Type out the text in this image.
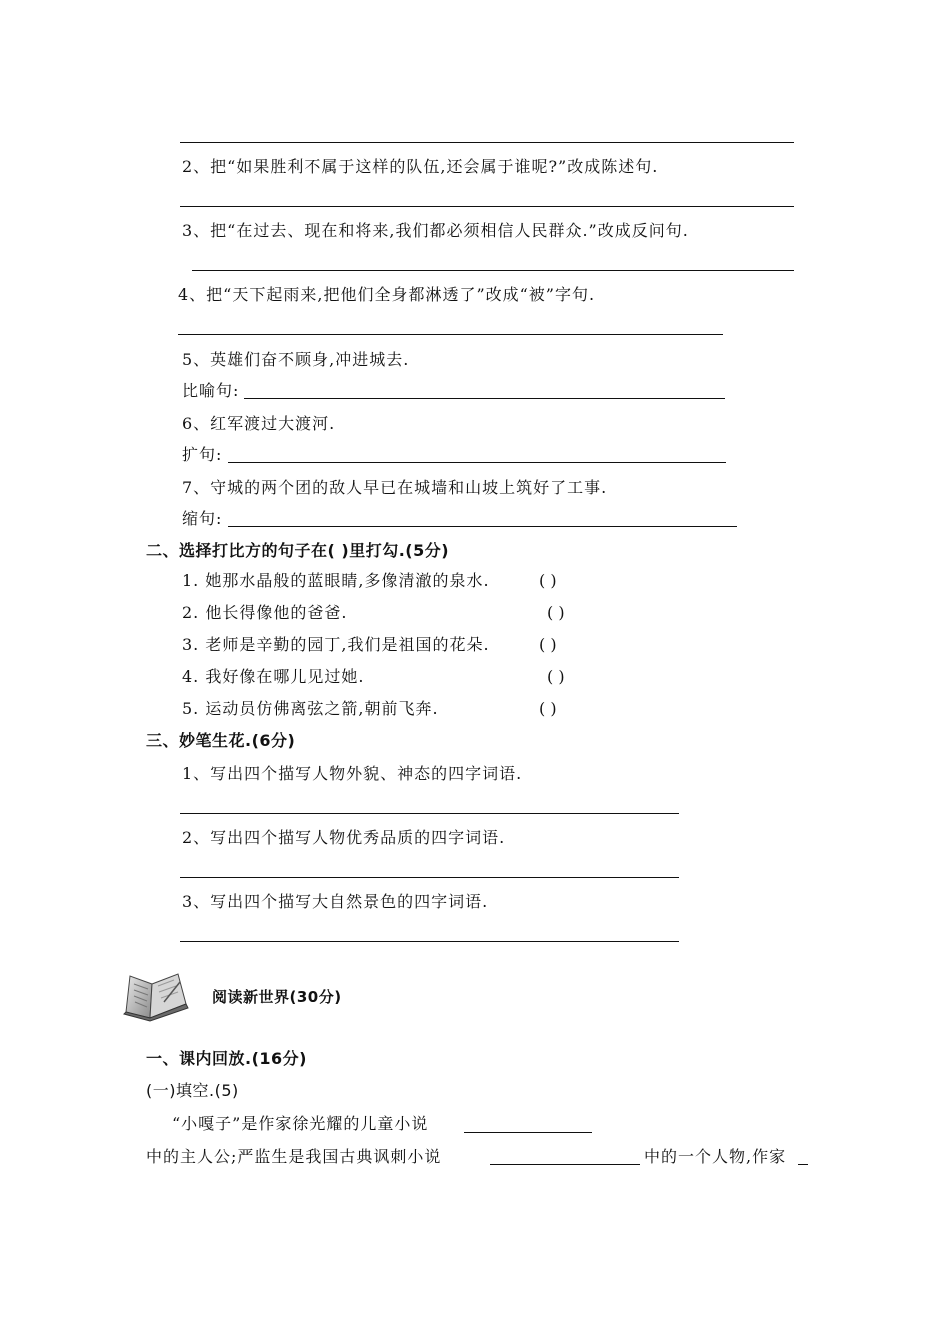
2、把“如果胜利不属于这样的队伍,还会属于谁呢?”改成陈述句.
3、把“在过去、现在和将来,我们都必须相信人民群众.”改成反问句.
4、把“天下起雨来,把他们全身都淋透了”改成“被”字句.
5、英雄们奋不顾身,冲进城去.
比喻句:
6、红军渡过大渡河.
扩句:
7、守城的两个团的敌人早已在城墙和山坡上筑好了工事.
缩句:
二、选择打比方的句子在( )里打勾.(5分)
1. 她那水晶般的蓝眼睛,多像清澈的泉水.	( )
2. 他长得像他的爸爸.	( )
3. 老师是辛勤的园丁,我们是祖国的花朵.	( )
4. 我好像在哪儿见过她.	( )
5. 运动员仿佛离弦之箭,朝前飞奔.	( )
三、妙笔生花.(6分)
1、写出四个描写人物外貌、神态的四字词语.
2、写出四个描写人物优秀品质的四字词语.
3、写出四个描写大自然景色的四字词语.
阅读新世界(30分)
一、课内回放.(16分)
(一)填空.(5)
“小嘎子”是作家徐光耀的儿童小说
中的主人公;严监生是我国古典讽刺小说	中的一个人物,作家
